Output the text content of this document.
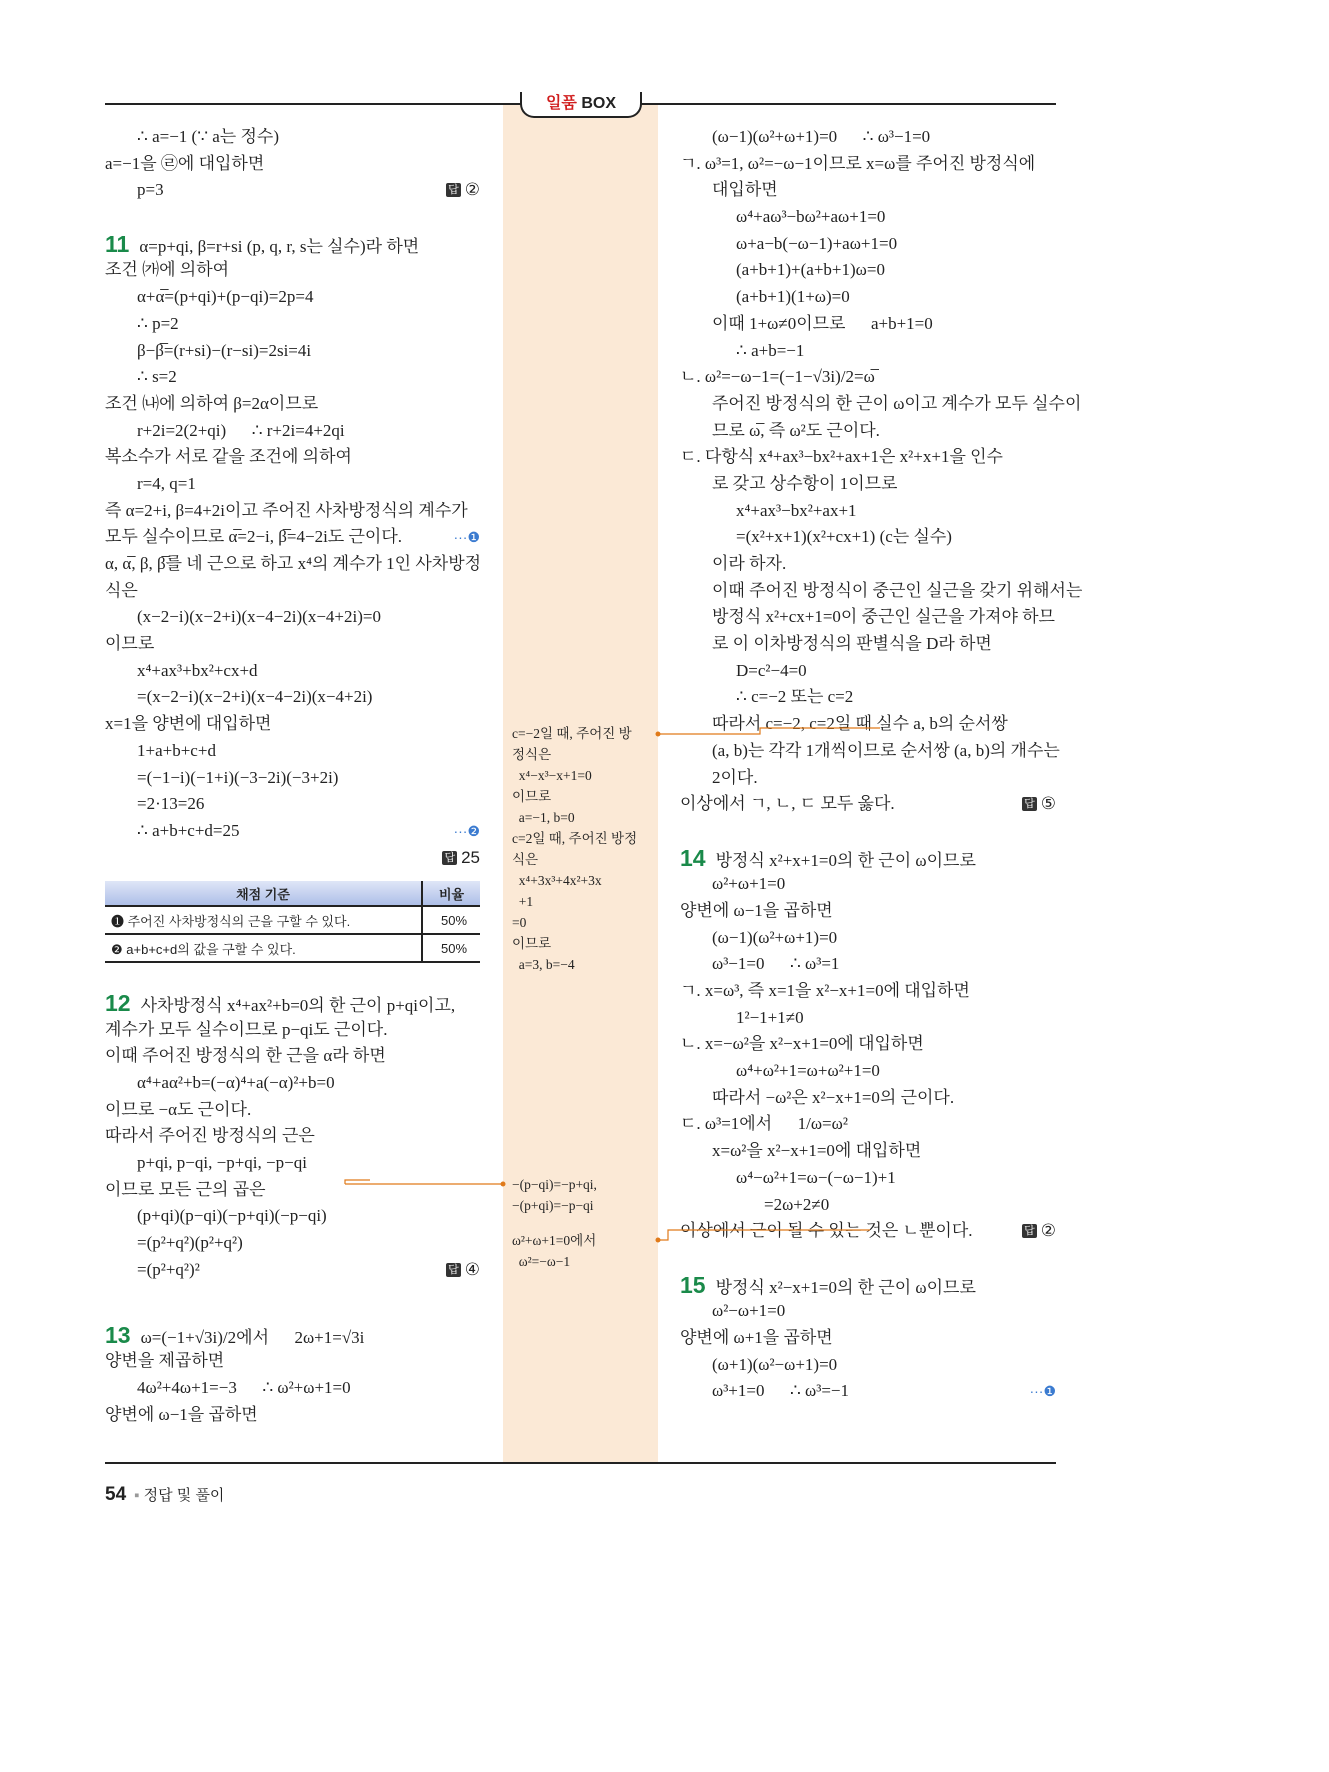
일품 BOX
∴ a=−1 (∵ a는 정수)
a=−1을 ㉣에 대입하면
p=3	답 ②
11 α=p+qi, β=r+si (p, q, r, s는 실수)라 하면
조건 ㈎에 의하여
α+α̅=(p+qi)+(p−qi)=2p=4
∴ p=2
β−β̅=(r+si)−(r−si)=2si=4i
∴ s=2
조건 ㈏에 의하여 β=2α이므로
r+2i=2(2+qi)      ∴ r+2i=4+2qi
복소수가 서로 같을 조건에 의하여
r=4, q=1
즉 α=2+i, β=4+2i이고 주어진 사차방정식의 계수가
모두 실수이므로 α̅=2−i, β̅=4−2i도 근이다.	···❶
α, α̅, β, β̅를 네 근으로 하고 x⁴의 계수가 1인 사차방정
식은
(x−2−i)(x−2+i)(x−4−2i)(x−4+2i)=0
이므로
x⁴+ax³+bx²+cx+d
=(x−2−i)(x−2+i)(x−4−2i)(x−4+2i)
x=1을 양변에 대입하면
1+a+b+c+d
=(−1−i)(−1+i)(−3−2i)(−3+2i)
=2·13=26
∴ a+b+c+d=25	···❷
답 25
채점 기준	비율
❶ 주어진 사차방정식의 근을 구할 수 있다.	50%
❷ a+b+c+d의 값을 구할 수 있다.	50%
12 사차방정식 x⁴+ax²+b=0의 한 근이 p+qi이고,
계수가 모두 실수이므로 p−qi도 근이다.
이때 주어진 방정식의 한 근을 α라 하면
α⁴+aα²+b=(−α)⁴+a(−α)²+b=0
이므로 −α도 근이다.
따라서 주어진 방정식의 근은
p+qi, p−qi, −p+qi, −p−qi
이므로 모든 근의 곱은
(p+qi)(p−qi)(−p+qi)(−p−qi)
=(p²+q²)(p²+q²)
=(p²+q²)²	답 ④
13 ω=(−1+√3i)/2에서      2ω+1=√3i
양변을 제곱하면
4ω²+4ω+1=−3      ∴ ω²+ω+1=0
양변에 ω−1을 곱하면
(ω−1)(ω²+ω+1)=0      ∴ ω³−1=0
ㄱ. ω³=1, ω²=−ω−1이므로 x=ω를 주어진 방정식에
대입하면
ω⁴+aω³−bω²+aω+1=0
ω+a−b(−ω−1)+aω+1=0
(a+b+1)+(a+b+1)ω=0
(a+b+1)(1+ω)=0
이때 1+ω≠0이므로      a+b+1=0
∴ a+b=−1
ㄴ. ω²=−ω−1=(−1−√3i)/2=ω̅
주어진 방정식의 한 근이 ω이고 계수가 모두 실수이
므로 ω̅, 즉 ω²도 근이다.
ㄷ. 다항식 x⁴+ax³−bx²+ax+1은 x²+x+1을 인수
로 갖고 상수항이 1이므로
x⁴+ax³−bx²+ax+1
=(x²+x+1)(x²+cx+1) (c는 실수)
이라 하자.
이때 주어진 방정식이 중근인 실근을 갖기 위해서는
방정식 x²+cx+1=0이 중근인 실근을 가져야 하므
로 이 이차방정식의 판별식을 D라 하면
D=c²−4=0
∴ c=−2 또는 c=2
따라서 c=−2, c=2일 때 실수 a, b의 순서쌍
(a, b)는 각각 1개씩이므로 순서쌍 (a, b)의 개수는
2이다.
이상에서 ㄱ, ㄴ, ㄷ 모두 옳다.	답 ⑤
14 방정식 x²+x+1=0의 한 근이 ω이므로
ω²+ω+1=0
양변에 ω−1을 곱하면
(ω−1)(ω²+ω+1)=0
ω³−1=0      ∴ ω³=1
ㄱ. x=ω³, 즉 x=1을 x²−x+1=0에 대입하면
1²−1+1≠0
ㄴ. x=−ω²을 x²−x+1=0에 대입하면
ω⁴+ω²+1=ω+ω²+1=0
따라서 −ω²은 x²−x+1=0의 근이다.
ㄷ. ω³=1에서      1/ω=ω²
x=ω²을 x²−x+1=0에 대입하면
ω⁴−ω²+1=ω−(−ω−1)+1
=2ω+2≠0
이상에서 근이 될 수 있는 것은 ㄴ뿐이다.	답 ②
15 방정식 x²−x+1=0의 한 근이 ω이므로
ω²−ω+1=0
양변에 ω+1을 곱하면
(ω+1)(ω²−ω+1)=0
ω³+1=0      ∴ ω³=−1	···❶
c=−2일 때, 주어진 방
정식은
x⁴−x³−x+1=0
이므로
a=−1, b=0
c=2일 때, 주어진 방정
식은
x⁴+3x³+4x²+3x
+1
=0
이므로
a=3, b=−4
−(p−qi)=−p+qi,
−(p+qi)=−p−qi
ω²+ω+1=0에서
ω²=−ω−1
54 ▪ 정답 및 풀이
